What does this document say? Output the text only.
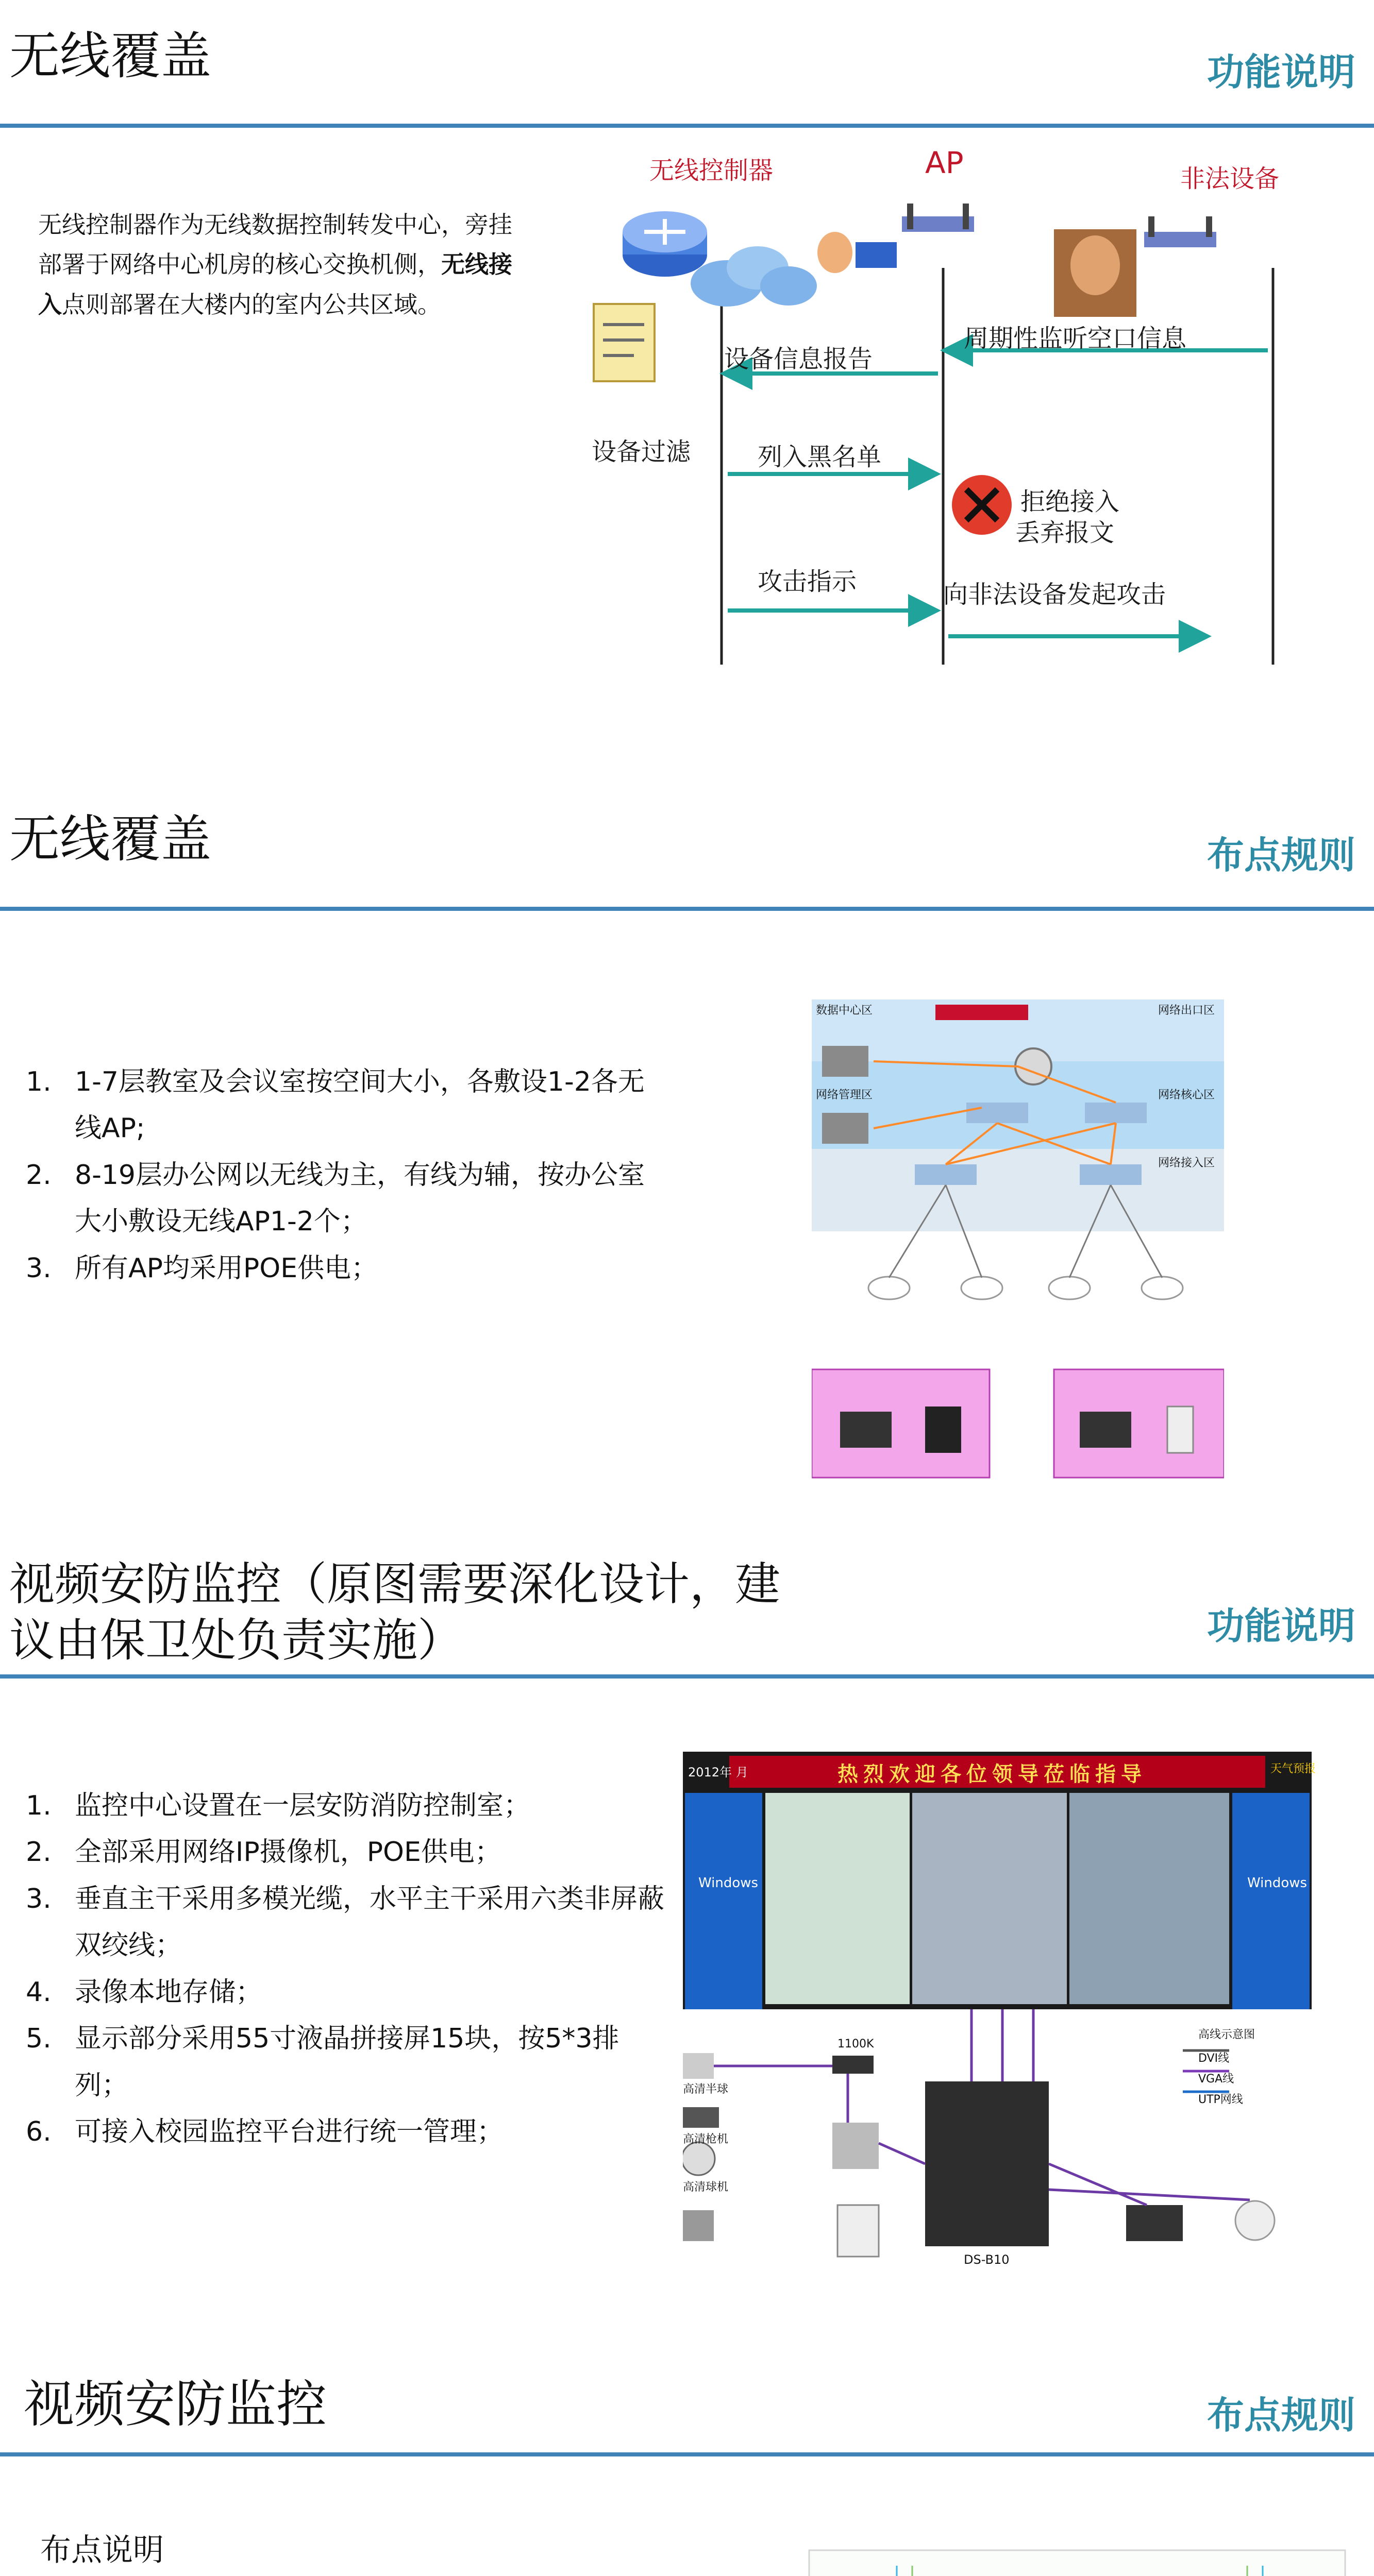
无线覆盖	功能说明
无线控制器作为无线数据控制转发中心，旁挂部署于网络中心机房的核心交换机侧，无线接入点则部署在大楼内的室内公共区域。
无线控制器	AP	非法设备
设备信息报告
周期性监听空口信息
设备过滤	列入黑名单
拒绝接入
丢弃报文
攻击指示	向非法设备发起攻击
无线覆盖	布点规则
1. 1-7层教室及会议室按空间大小，各敷设1-2各无线AP;
2. 8-19层办公网以无线为主，有线为辅，按办公室大小敷设无线AP1-2个；
3. 所有AP均采用POE供电；
数据中心区
网络管理区
网络出口区
网络核心区
网络接入区
视频安防监控（原图需要深化设计，建
议由保卫处负责实施）	功能说明
1. 监控中心设置在一层安防消防控制室；
2. 全部采用网络IP摄像机，POE供电；
3. 垂直主干采用多模光缆，水平主干采用六类非屏蔽双绞线；
4. 录像本地存储；
5. 显示部分采用55寸液晶拼接屏15块，按5*3排列；
6. 可接入校园监控平台进行统一管理；
热烈欢迎各位领导莅临指导
2012年 月	天气预报
Windows	Windows
DS-B10
高线示意图
DVI线
VGA线
UTP网线
高清半球
高清枪机
高清球机
1100K
视频安防监控	布点规则
布点说明
